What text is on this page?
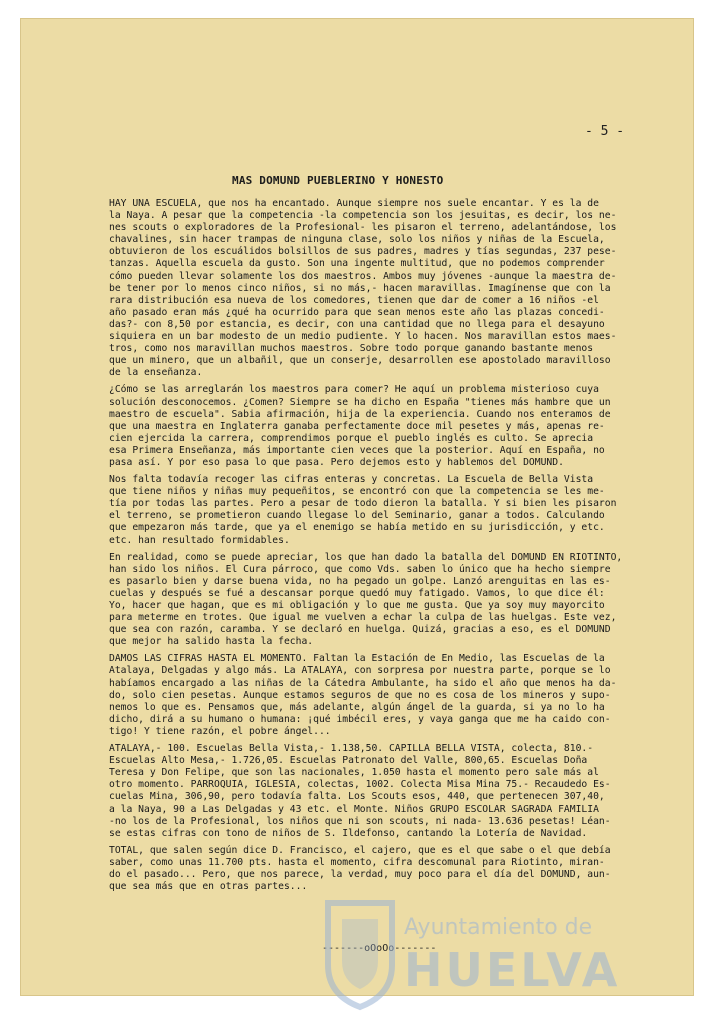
- 5 -
MAS DOMUND PUEBLERINO Y HONESTO

HAY UNA ESCUELA, que nos ha encantado. Aunque siempre nos suele encantar. Y es la de
la Naya. A pesar que la competencia -la competencia son los jesuitas, es decir, los ne-
nes scouts o exploradores de la Profesional- les pisaron el terreno, adelantándose, los
chavalines, sin hacer trampas de ninguna clase, solo los niños y niñas de la Escuela,
obtuvieron de los escuálidos bolsillos de sus padres, madres y tías segundas, 237 pese-
tanzas. Aquella escuela da gusto. Son una ingente multitud, que no podemos comprender
cómo pueden llevar solamente los dos maestros. Ambos muy jóvenes -aunque la maestra de-
be tener por lo menos cinco niños, si no más,- hacen maravillas. Imagínense que con la
rara distribución esa nueva de los comedores, tienen que dar de comer a 16 niños -el
año pasado eran más ¿qué ha ocurrido para que sean menos este año las plazas concedi-
das?- con 8,50 por estancia, es decir, con una cantidad que no llega para el desayuno
siquiera en un bar modesto de un medio pudiente. Y lo hacen. Nos maravillan estos maes-
tros, como nos maravillan muchos maestros. Sobre todo porque ganando bastante menos
que un minero, que un albañil, que un conserje, desarrollen ese apostolado maravilloso
de la enseñanza.

¿Cómo se las arreglarán los maestros para comer? He aquí un problema misterioso cuya
solución desconocemos. ¿Comen? Siempre se ha dicho en España "tienes más hambre que un
maestro de escuela". Sabia afirmación, hija de la experiencia. Cuando nos enteramos de
que una maestra en Inglaterra ganaba perfectamente doce mil pesetes y más, apenas re-
cien ejercida la carrera, comprendimos porque el pueblo inglés es culto. Se aprecia
esa Primera Enseñanza, más importante cien veces que la posterior. Aquí en España, no
pasa así. Y por eso pasa lo que pasa. Pero dejemos esto y hablemos del DOMUND.

Nos falta todavía recoger las cifras enteras y concretas. La Escuela de Bella Vista
que tiene niños y niñas muy pequeñitos, se encontró con que la competencia se les me-
tía por todas las partes. Pero a pesar de todo dieron la batalla. Y si bien les pisaron
el terreno, se prometieron cuando llegase lo del Seminario, ganar a todos. Calculando
que empezaron más tarde, que ya el enemigo se había metido en su jurisdicción, y etc.
etc. han resultado formidables.

En realidad, como se puede apreciar, los que han dado la batalla del DOMUND EN RIOTINTO,
han sido los niños. El Cura párroco, que como Vds. saben lo único que ha hecho siempre
es pasarlo bien y darse buena vida, no ha pegado un golpe. Lanzó arenguitas en las es-
cuelas y después se fué a descansar porque quedó muy fatigado. Vamos, lo que dice él:
Yo, hacer que hagan, que es mi obligación y lo que me gusta. Que ya soy muy mayorcito
para meterme en trotes. Que igual me vuelven a echar la culpa de las huelgas. Este vez,
que sea con razón, caramba. Y se declaró en huelga. Quizá, gracias a eso, es el DOMUND
que mejor ha salido hasta la fecha.

DAMOS LAS CIFRAS HASTA EL MOMENTO. Faltan la Estación de En Medio, las Escuelas de la
Atalaya, Delgadas y algo más. La ATALAYA, con sorpresa por nuestra parte, porque se lo
habíamos encargado a las niñas de la Cátedra Ambulante, ha sido el año que menos ha da-
do, solo cien pesetas. Aunque estamos seguros de que no es cosa de los mineros y supo-
nemos lo que es. Pensamos que, más adelante, algún ángel de la guarda, si ya no lo ha
dicho, dirá a su humano o humana: ¡qué imbécil eres, y vaya ganga que me ha caido con-
tigo! Y tiene razón, el pobre ángel...

ATALAYA,- 100. Escuelas Bella Vista,- 1.138,50. CAPILLA BELLA VISTA, colecta, 810.-
Escuelas Alto Mesa,- 1.726,05. Escuelas Patronato del Valle, 800,65. Escuelas Doña
Teresa y Don Felipe, que son las nacionales, 1.050 hasta el momento pero sale más al
otro momento. PARROQUIA, IGLESIA, colectas, 1002. Colecta Misa Mina 75.- Recaudedo Es-
cuelas Mina, 306,90, pero todavía falta. Los Scouts esos, 440, que pertenecen 307,40,
a la Naya, 90 a Las Delgadas y 43 etc. el Monte. Niños GRUPO ESCOLAR SAGRADA FAMILIA
-no los de la Profesional, los niños que ni son scouts, ni nada- 13.636 pesetas! Léan-
se estas cifras con tono de niños de S. Ildefonso, cantando la Lotería de Navidad.

TOTAL, que salen según dice D. Francisco, el cajero, que es el que sabe o el que debía
saber, como unas 11.700 pts. hasta el momento, cifra descomunal para Riotinto, miran-
do el pasado... Pero, que nos parece, la verdad, muy poco para el día del DOMUND, aun-
que sea más que en otras partes...

-------oOoOo-------
Ayuntamiento de
HUELVA
